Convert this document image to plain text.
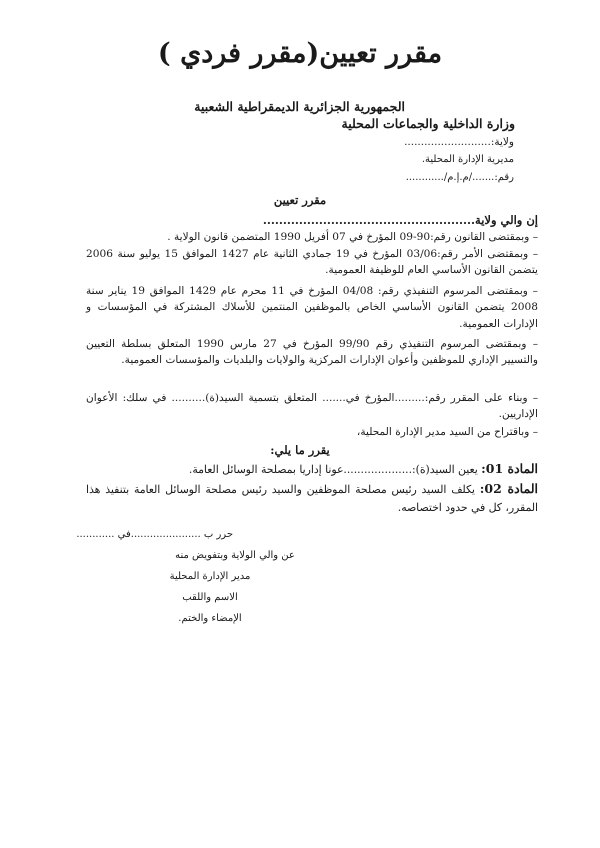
مقرر تعيين(مقرر فردي )
الجمهورية الجزائرية الديمقراطية الشعبية
وزارة الداخلية والجماعات المحلية
ولاية:..........................
مديرية الإدارة المحلية.
رقم:......./م.إ.م/............
مقرر تعيين
إن والي ولاية.....................................................
– وبمقتضى القانون رقم:90-09 المؤرخ في 07 أفريل 1990 المتضمن قانون الولاية .
– وبمقتضى الأمر رقم:03/06 المؤرخ في 19 جمادي الثانية عام 1427 الموافق 15 يوليو سنة 2006 يتضمن القانون الأساسي العام للوظيفة العمومية.
– وبمقتضى المرسوم التنفيذي رقم: 04/08 المؤرخ في 11 محرم عام 1429 الموافق 19 يناير سنة 2008 يتضمن القانون الأساسي الخاص بالموظفين المنتمين للأسلاك المشتركة في المؤسسات و الإدارات العمومية.
– وبمقتضى المرسوم التنفيذي رقم 99/90 المؤرخ في 27 مارس 1990 المتعلق بسلطة التعيين والتسيير الإداري للموظفين وأعوان الإدارات المركزية والولايات والبلديات والمؤسسات العمومية.
– وبناء على المقرر رقم:.........المؤرخ في....... المتعلق بتسمية السيد(ة).......... في سلك: الأعوان الإداريين.
– وباقتراح من السيد مدير الإدارة المحلية،
يقرر ما يلي:
المادة 01: يعين السيد(ة):....................عونا إداريا بمصلحة الوسائل العامة.
المادة 02: يكلف السيد رئيس مصلحة الموظفين والسيد رئيس مصلحة الوسائل العامة بتنفيذ هذا المقرر، كل في حدود اختصاصه.
حرر ب ......................في ............
عن والي الولاية وبتفويض منه
مدير الإدارة المحلية
الاسم واللقب
الإمضاء والختم.
